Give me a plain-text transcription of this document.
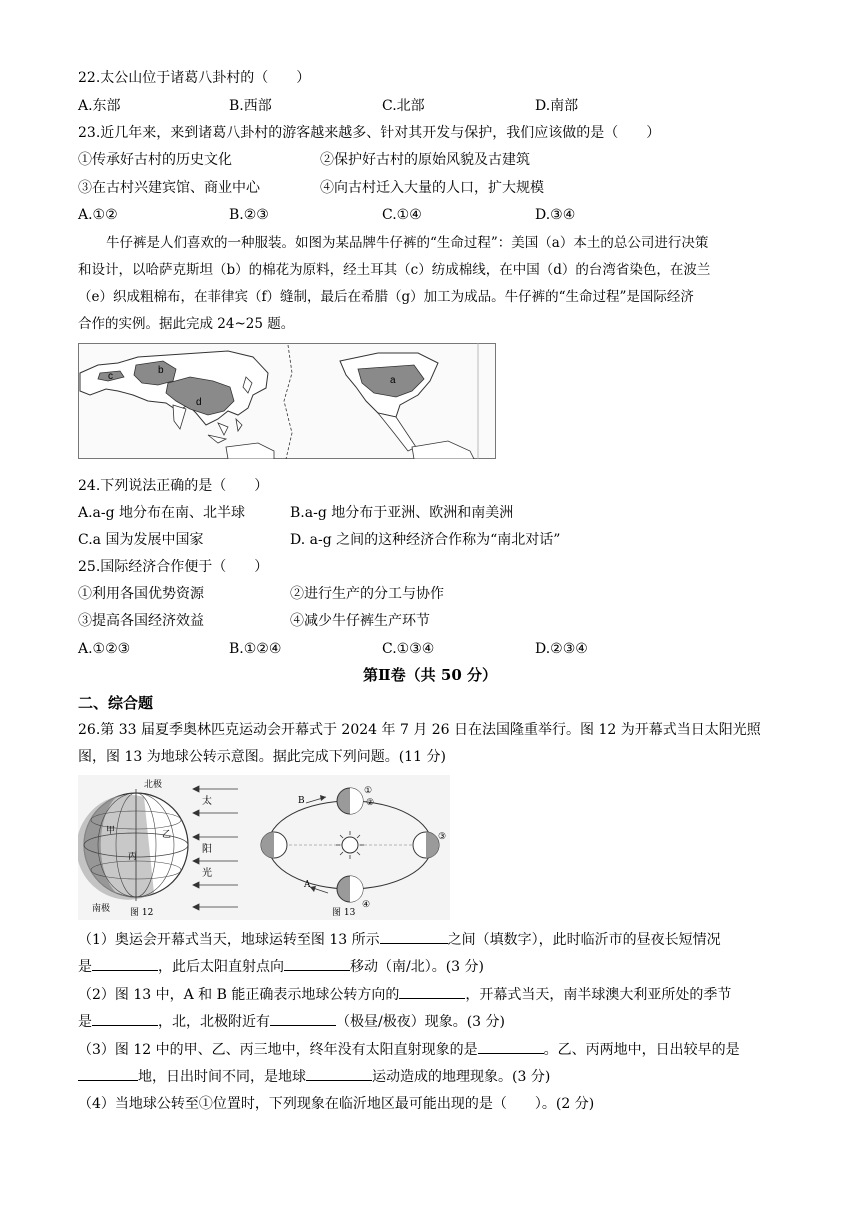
22.太公山位于诸葛八卦村的（　　）
A.东部	B.西部	C.北部	D.南部
23.近几年来，来到诸葛八卦村的游客越来越多、针对其开发与保护，我们应该做的是（　　）
①传承好古村的历史文化	②保护好古村的原始风貌及古建筑
③在古村兴建宾馆、商业中心	④向古村迁入大量的人口，扩大规模
A.①②	B.②③	C.①④	D.③④
牛仔裤是人们喜欢的一种服装。如图为某品牌牛仔裤的“生命过程”：美国（a）本土的总公司进行决策
和设计，以哈萨克斯坦（b）的棉花为原料，经土耳其（c）纺成棉线，在中国（d）的台湾省染色，在波兰
（e）织成粗棉布，在菲律宾（f）缝制，最后在希腊（g）加工为成品。牛仔裤的“生命过程”是国际经济
合作的实例。据此完成 24~25 题。
b
c
d
a
24.下列说法正确的是（　　）
A.a-g 地分布在南、北半球	B.a-g 地分布于亚洲、欧洲和南美洲
C.a 国为发展中国家	D. a-g 之间的这种经济合作称为“南北对话”
25.国际经济合作便于（　　）
①利用各国优势资源	②进行生产的分工与协作
③提高各国经济效益	④减少牛仔裤生产环节
A.①②③	B.①②④	C.①③④	D.②③④
第Ⅱ卷（共 50 分）
二、综合题
26.第 33 届夏季奥林匹克运动会开幕式于 2024 年 7 月 26 日在法国隆重举行。图 12 为开幕式当日太阳光照
图，图 13 为地球公转示意图。据此完成下列问题。(11 分)
北极
南极
甲	乙
丙
图 12
太
阳
光
①
②
③
④
A
B
图 13
（1）奥运会开幕式当天，地球运转至图 13 所示	之间（填数字），此时临沂市的昼夜长短情况
是	，此后太阳直射点向	移动（南/北）。(3 分)
（2）图 13 中，A 和 B 能正确表示地球公转方向的	，开幕式当天，南半球澳大利亚所处的季节
是	，北，北极附近有	（极昼/极夜）现象。(3 分)
（3）图 12 中的甲、乙、丙三地中，终年没有太阳直射现象的是	。乙、丙两地中，日出较早的是
地，日出时间不同，是地球	运动造成的地理现象。(3 分)
（4）当地球公转至①位置时，下列现象在临沂地区最可能出现的是（　　）。(2 分)
